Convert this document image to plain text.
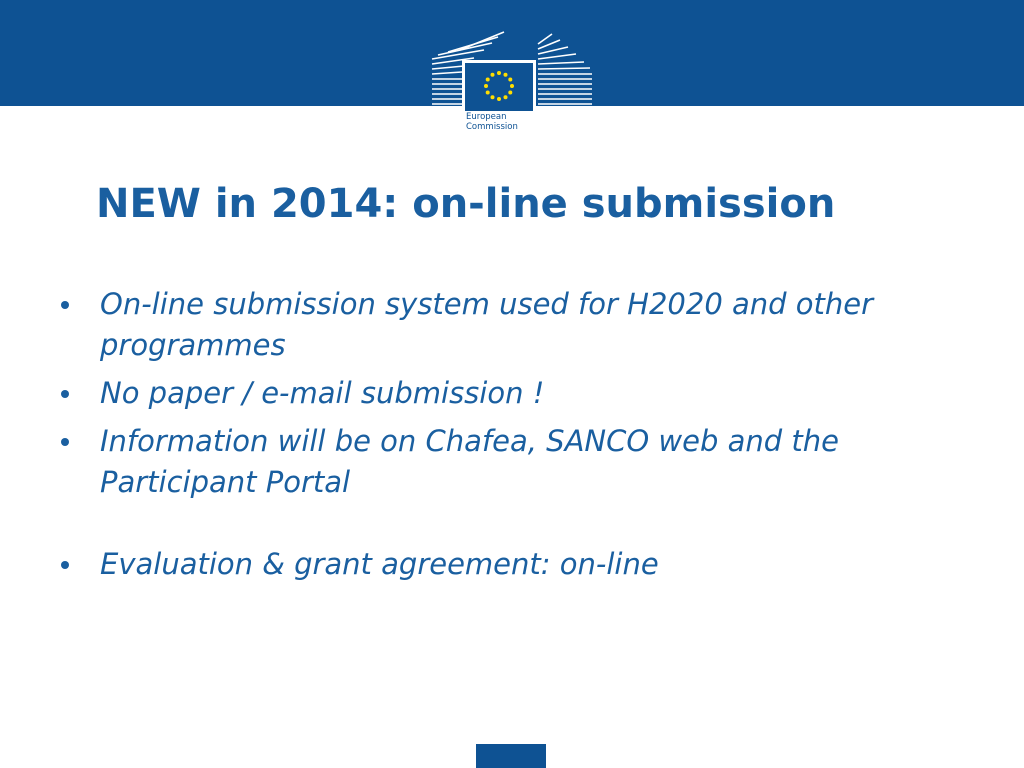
European
Commission
NEW in 2014: on-line submission
On-line submission system used for H2020 and other programmes
No paper / e-mail submission !
Information will be on Chafea, SANCO web and the Participant Portal
Evaluation & grant agreement: on-line
